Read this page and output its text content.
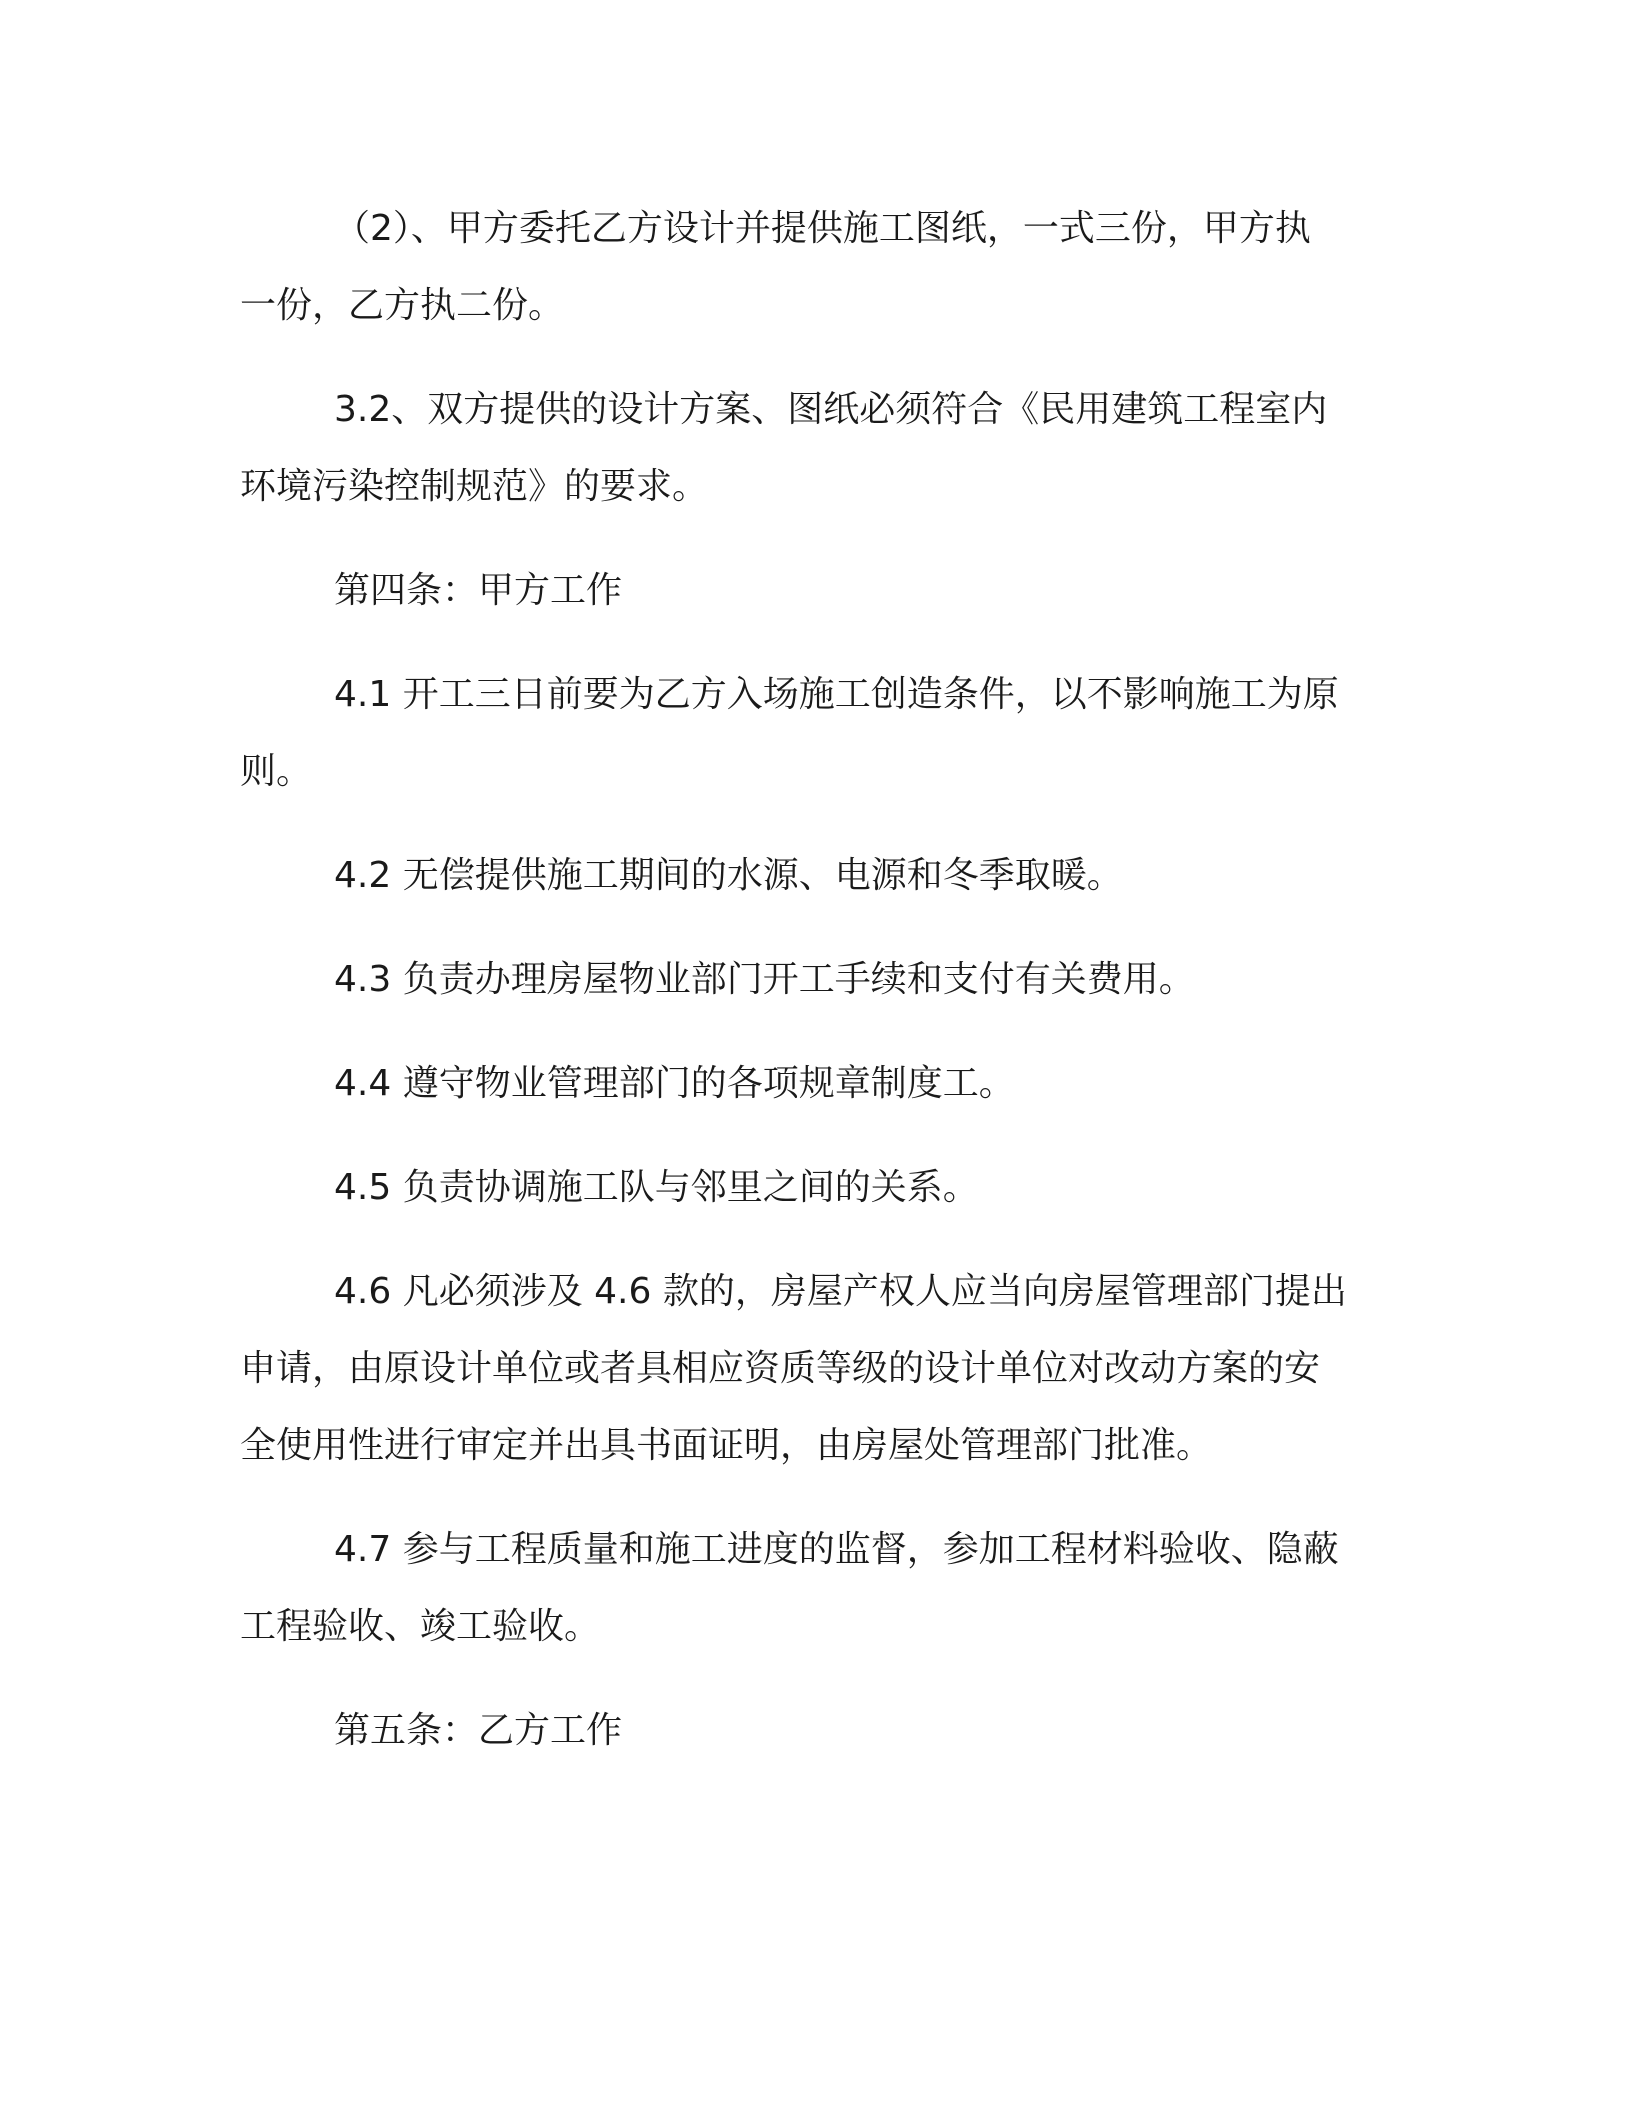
（2）、甲方委托乙方设计并提供施工图纸，一式三份，甲方执
一份，乙方执二份。

3.2、双方提供的设计方案、图纸必须符合《民用建筑工程室内
环境污染控制规范》的要求。

第四条：甲方工作

4.1 开工三日前要为乙方入场施工创造条件，以不影响施工为原
则。

4.2 无偿提供施工期间的水源、电源和冬季取暖。

4.3 负责办理房屋物业部门开工手续和支付有关费用。

4.4 遵守物业管理部门的各项规章制度工。

4.5 负责协调施工队与邻里之间的关系。

4.6 凡必须涉及 4.6 款的，房屋产权人应当向房屋管理部门提出
申请，由原设计单位或者具相应资质等级的设计单位对改动方案的安
全使用性进行审定并出具书面证明，由房屋处管理部门批准。

4.7 参与工程质量和施工进度的监督，参加工程材料验收、隐蔽
工程验收、竣工验收。

第五条：乙方工作
